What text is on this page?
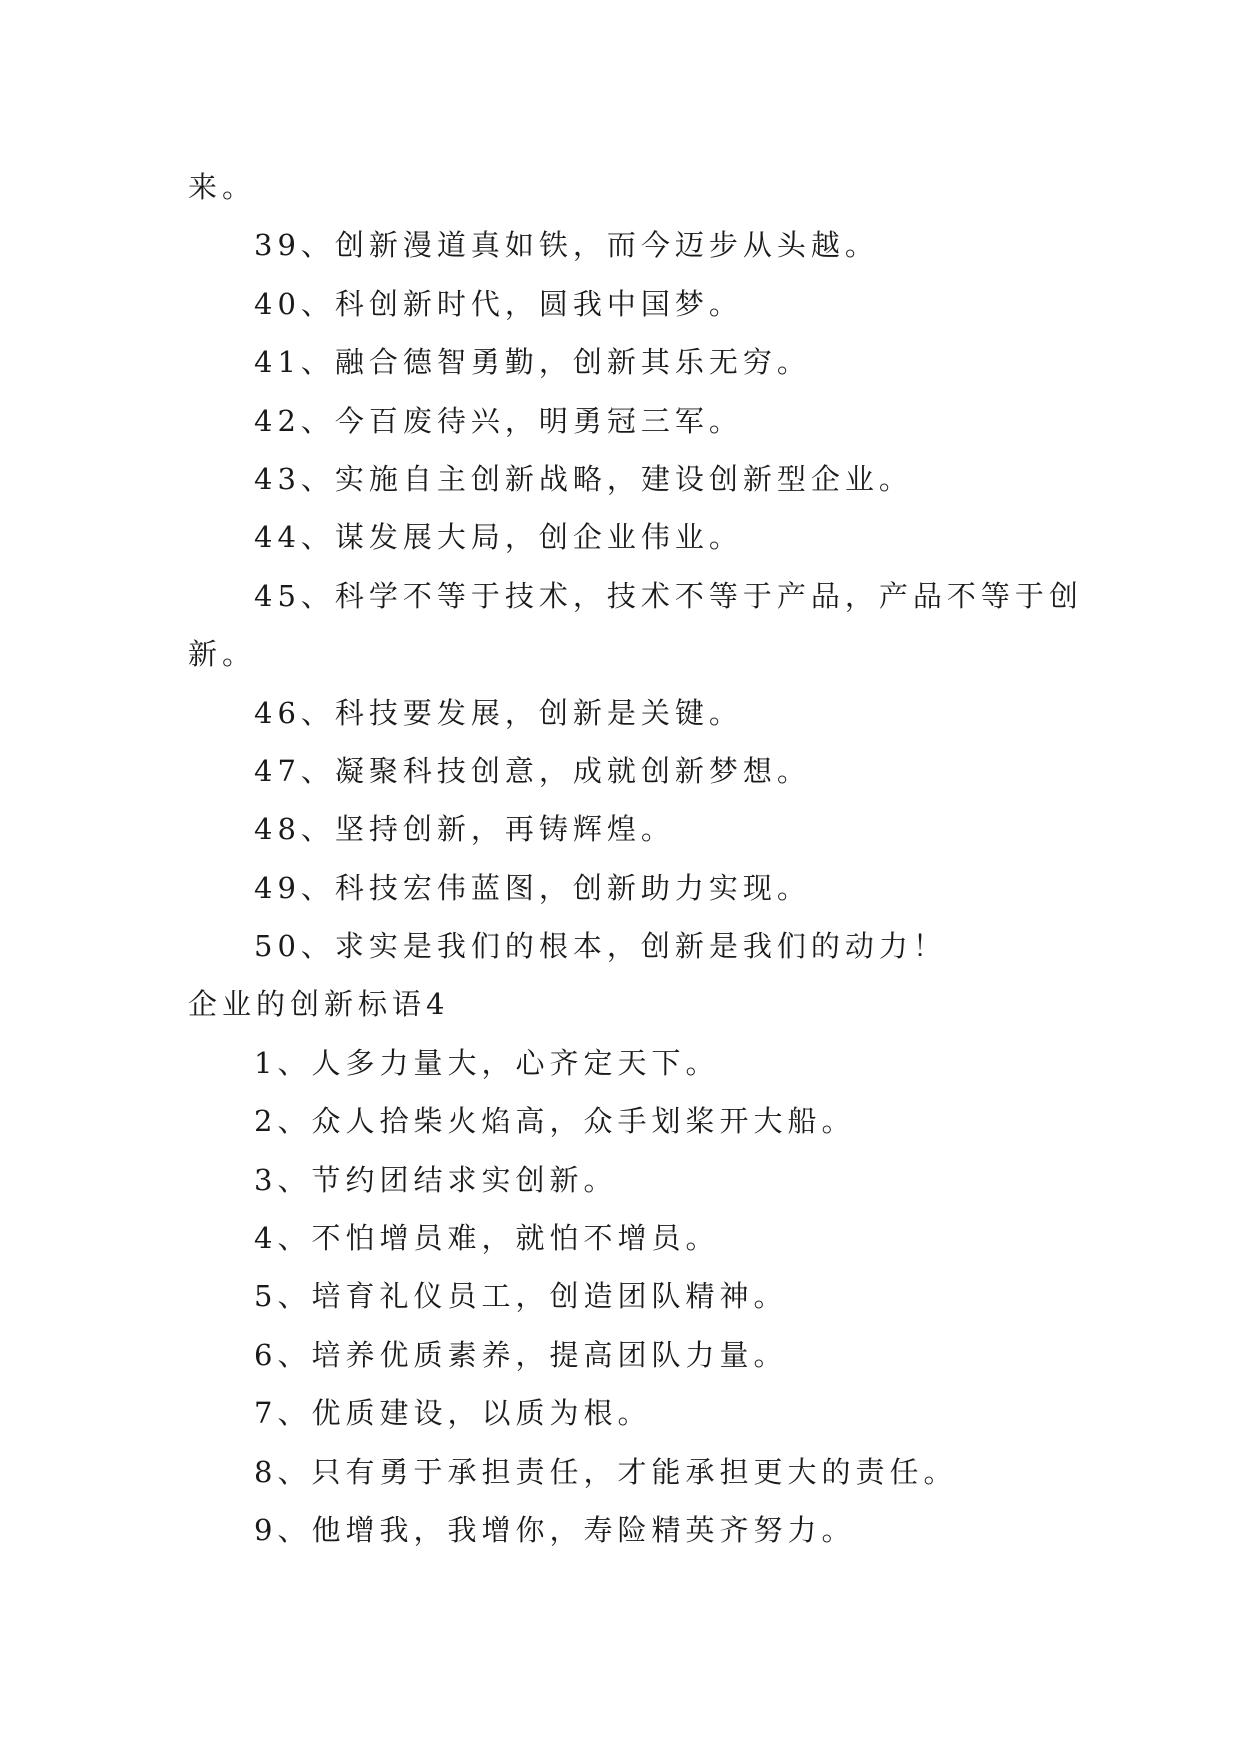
来。
39、创新漫道真如铁，而今迈步从头越。
40、科创新时代，圆我中国梦。
41、融合德智勇勤，创新其乐无穷。
42、今百废待兴，明勇冠三军。
43、实施自主创新战略，建设创新型企业。
44、谋发展大局，创企业伟业。
45、科学不等于技术，技术不等于产品，产品不等于创
新。
46、科技要发展，创新是关键。
47、凝聚科技创意，成就创新梦想。
48、坚持创新，再铸辉煌。
49、科技宏伟蓝图，创新助力实现。
50、求实是我们的根本，创新是我们的动力！
企业的创新标语4
1、人多力量大，心齐定天下。
2、众人拾柴火焰高，众手划桨开大船。
3、节约团结求实创新。
4、不怕增员难，就怕不增员。
5、培育礼仪员工，创造团队精神。
6、培养优质素养，提高团队力量。
7、优质建设，以质为根。
8、只有勇于承担责任，才能承担更大的责任。
9、他增我，我增你，寿险精英齐努力。
